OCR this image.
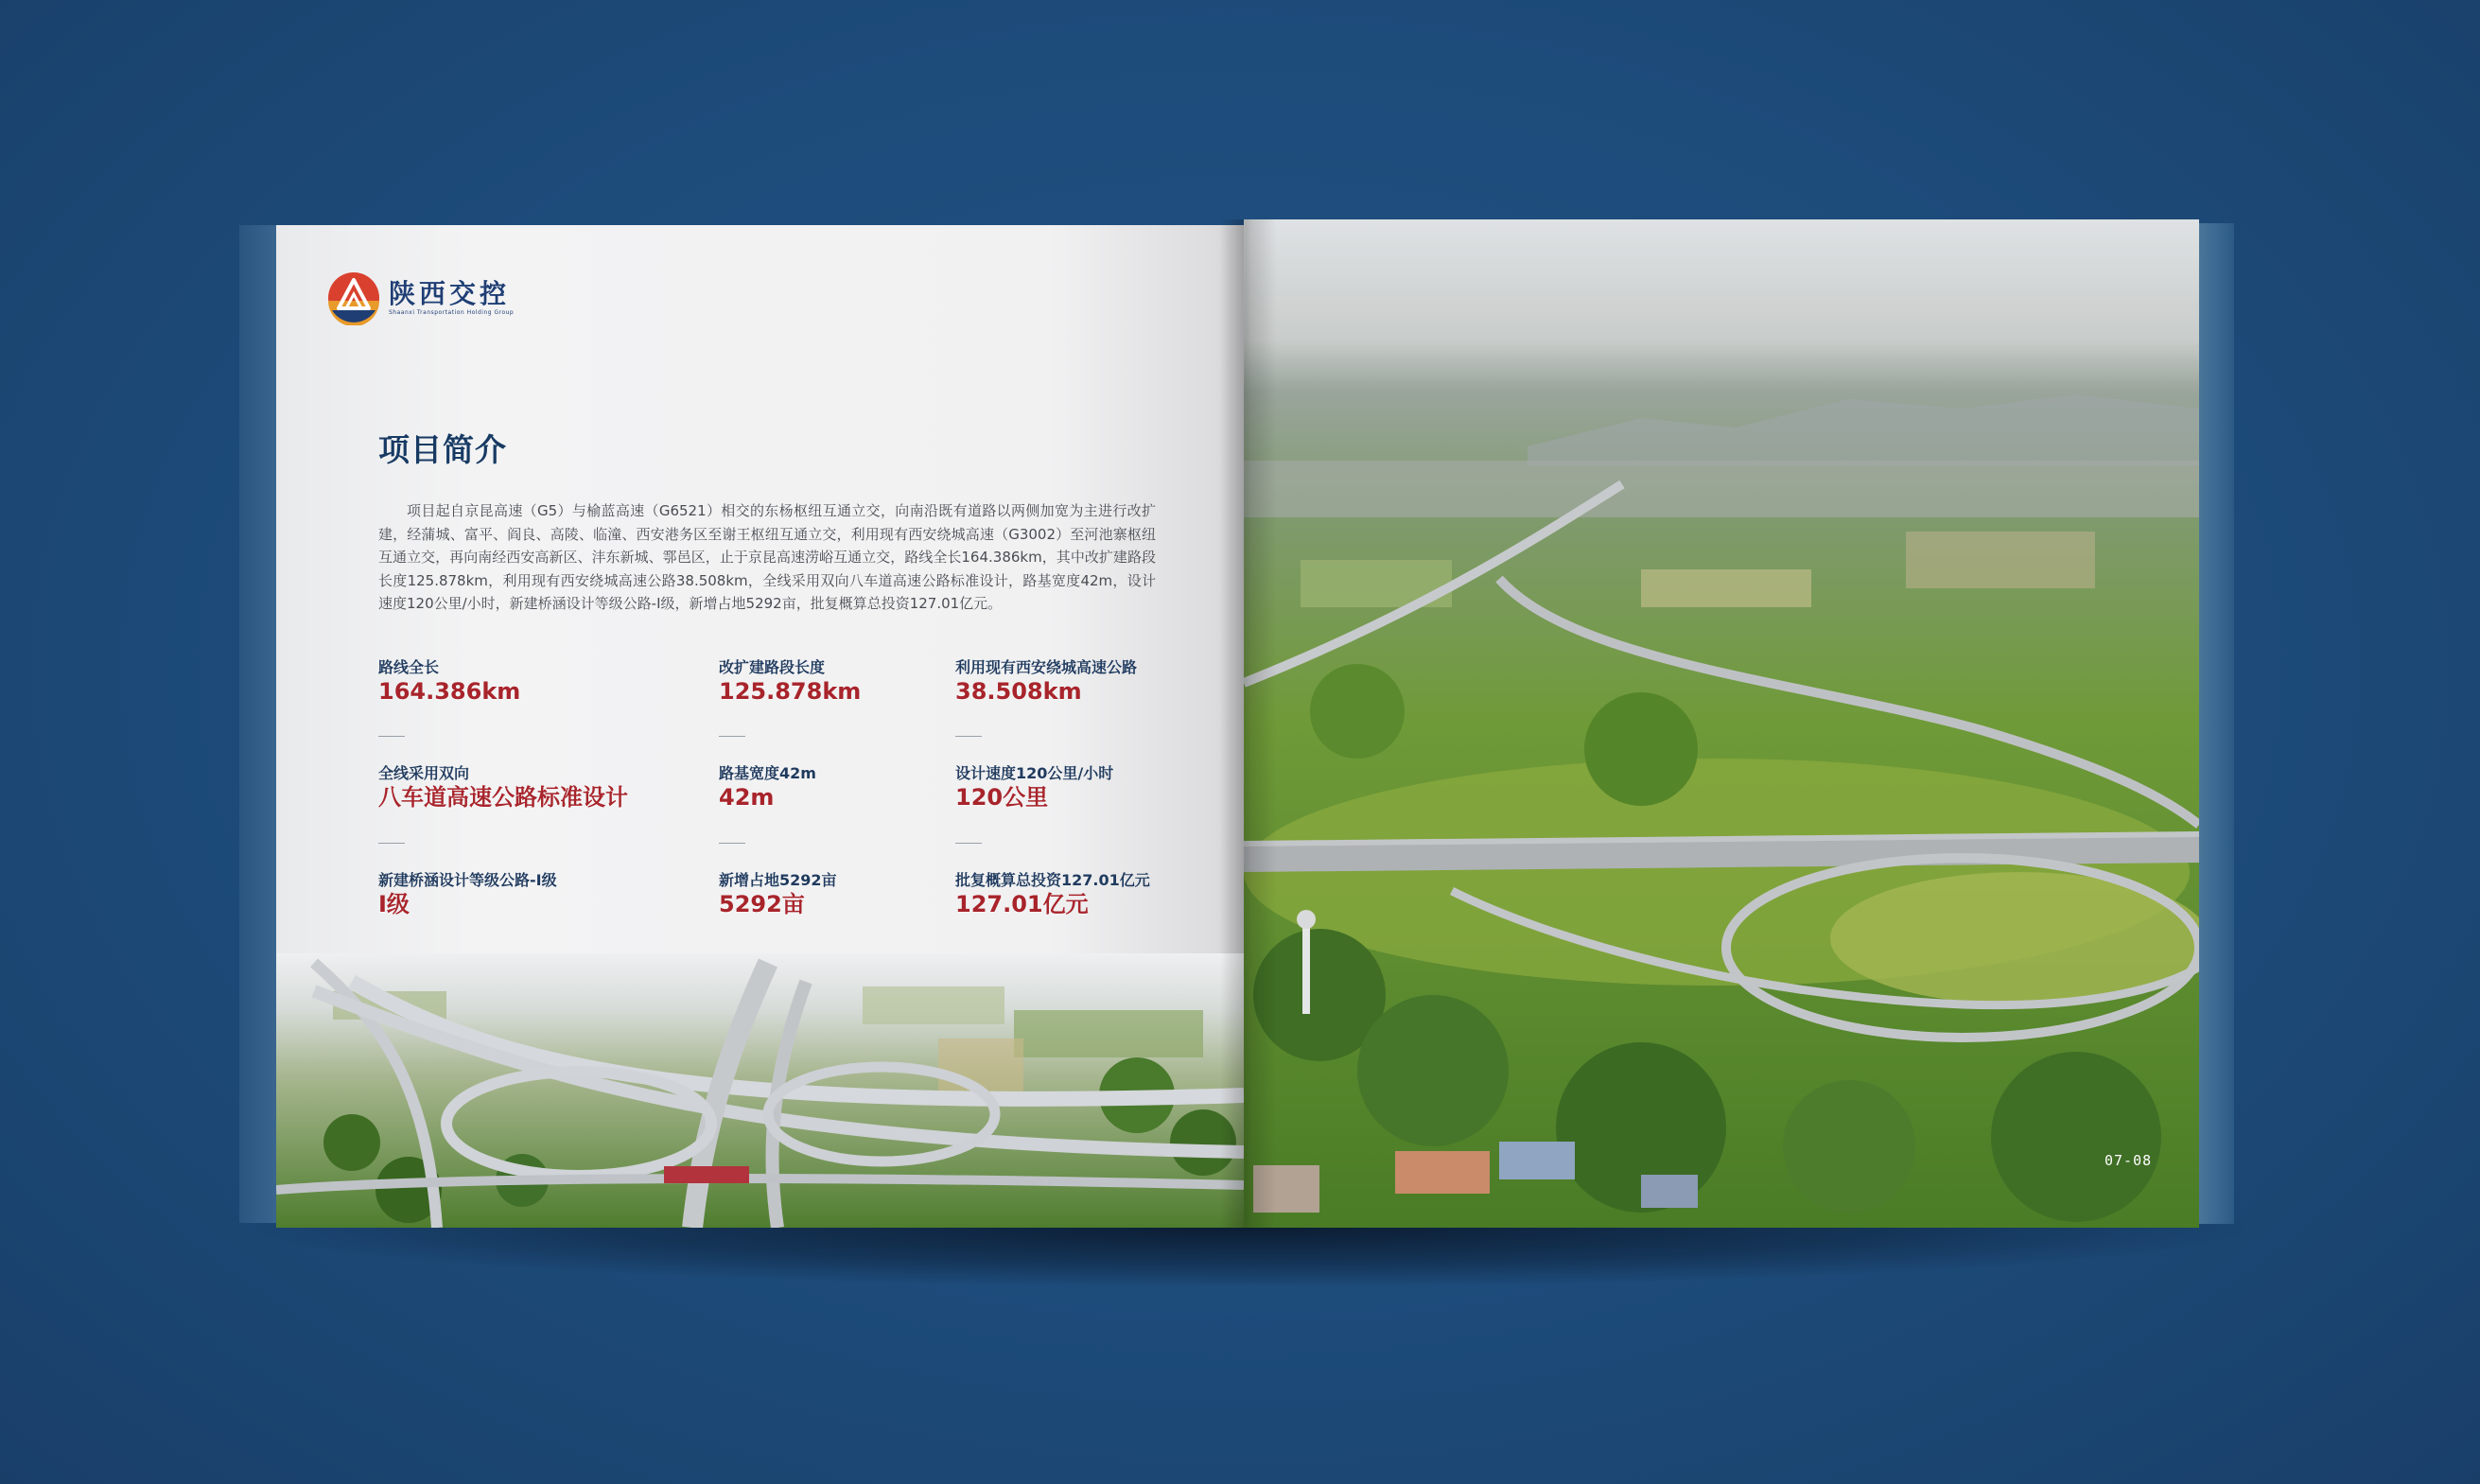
陕西交控
Shaanxi Transportation Holding Group
项目简介
项目起自京昆高速（G5）与榆蓝高速（G6521）相交的东杨枢纽互通立交，向南沿既有道路以两侧加宽为主进行改扩建，经蒲城、富平、阎良、高陵、临潼、西安港务区至谢王枢纽互通立交，利用现有西安绕城高速（G3002）至河池寨枢纽互通立交，再向南经西安高新区、沣东新城、鄠邑区，止于京昆高速涝峪互通立交，路线全长164.386km，其中改扩建路段长度125.878km，利用现有西安绕城高速公路38.508km，全线采用双向八车道高速公路标准设计，路基宽度42m，设计速度120公里/小时，新建桥涵设计等级公路-Ⅰ级，新增占地5292亩，批复概算总投资127.01亿元。
路线全长
164.386km
改扩建路段长度
125.878km
利用现有西安绕城高速公路
38.508km
全线采用双向
八车道高速公路标准设计
路基宽度42m
42m
设计速度120公里/小时
120公里
新建桥涵设计等级公路-Ⅰ级
Ⅰ级
新增占地5292亩
5292亩
批复概算总投资127.01亿元
127.01亿元
07-08
